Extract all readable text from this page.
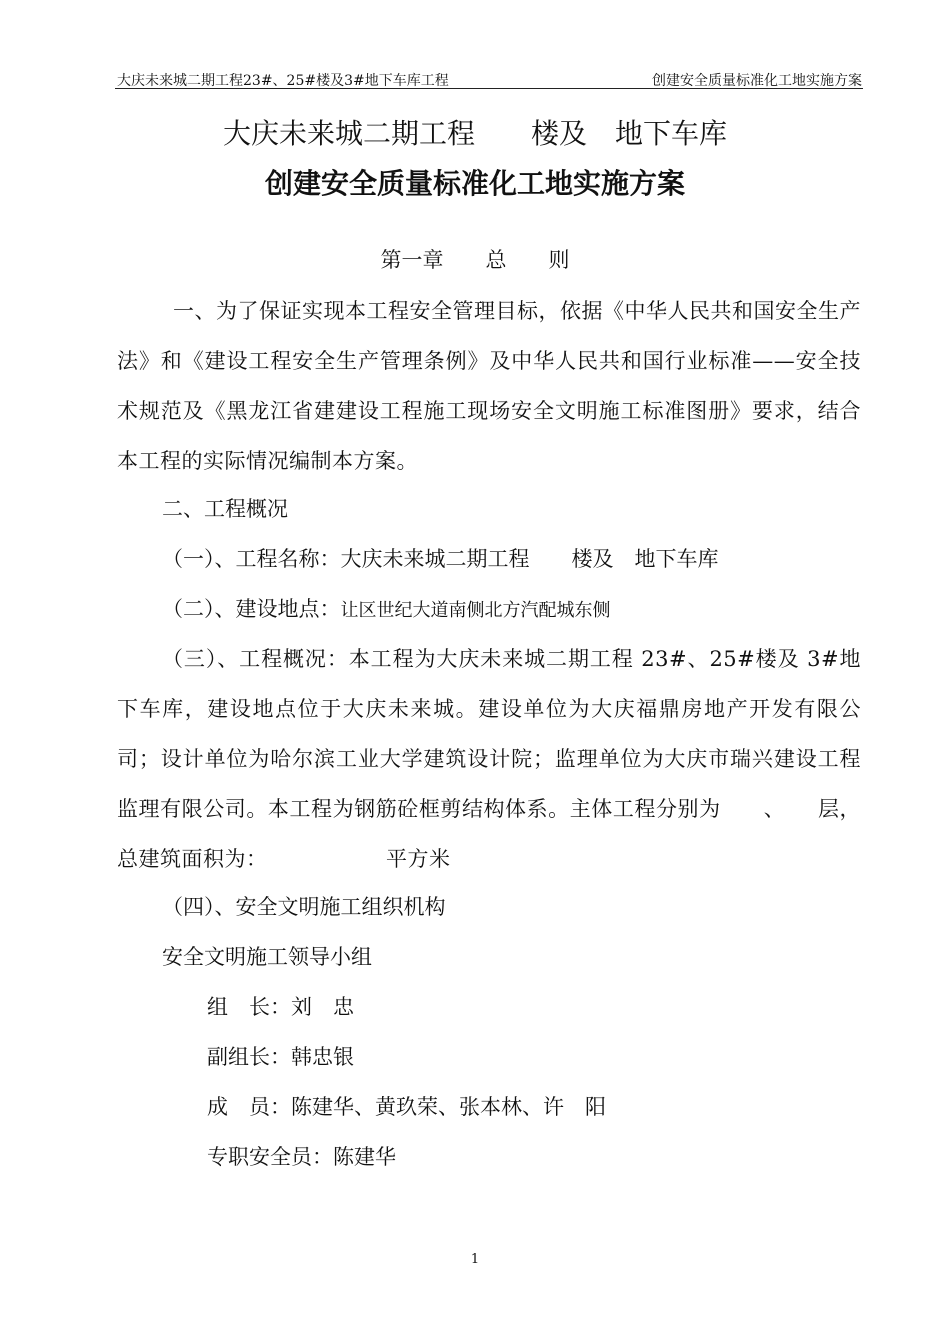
大庆未来城二期工程23#、25#楼及3#地下车库工程	创建安全质量标准化工地实施方案
大庆未来城二期工程　　楼及　地下车库
创建安全质量标准化工地实施方案
第一章　　总　　则
一、为了保证实现本工程安全管理目标，依据《中华人民共和国安全生产法》和《建设工程安全生产管理条例》及中华人民共和国行业标准——安全技术规范及《黑龙江省建建设工程施工现场安全文明施工标准图册》要求，结合本工程的实际情况编制本方案。
二、工程概况
（一）、工程名称：大庆未来城二期工程　　楼及　地下车库
（二）、建设地点：让区世纪大道南侧北方汽配城东侧
（三）、工程概况：本工程为大庆未来城二期工程 23#、25#楼及 3#地下车库，建设地点位于大庆未来城。建设单位为大庆福鼎房地产开发有限公司；设计单位为哈尔滨工业大学建筑设计院；监理单位为大庆市瑞兴建设工程监理有限公司。本工程为钢筋砼框剪结构体系。主体工程分别为　　、　　层，总建筑面积为：　　　　　　平方米
（四）、安全文明施工组织机构
安全文明施工领导小组
组　长：刘　忠
副组长：韩忠银
成　员：陈建华、黄玖荣、张本林、许　阳
专职安全员：陈建华
1
